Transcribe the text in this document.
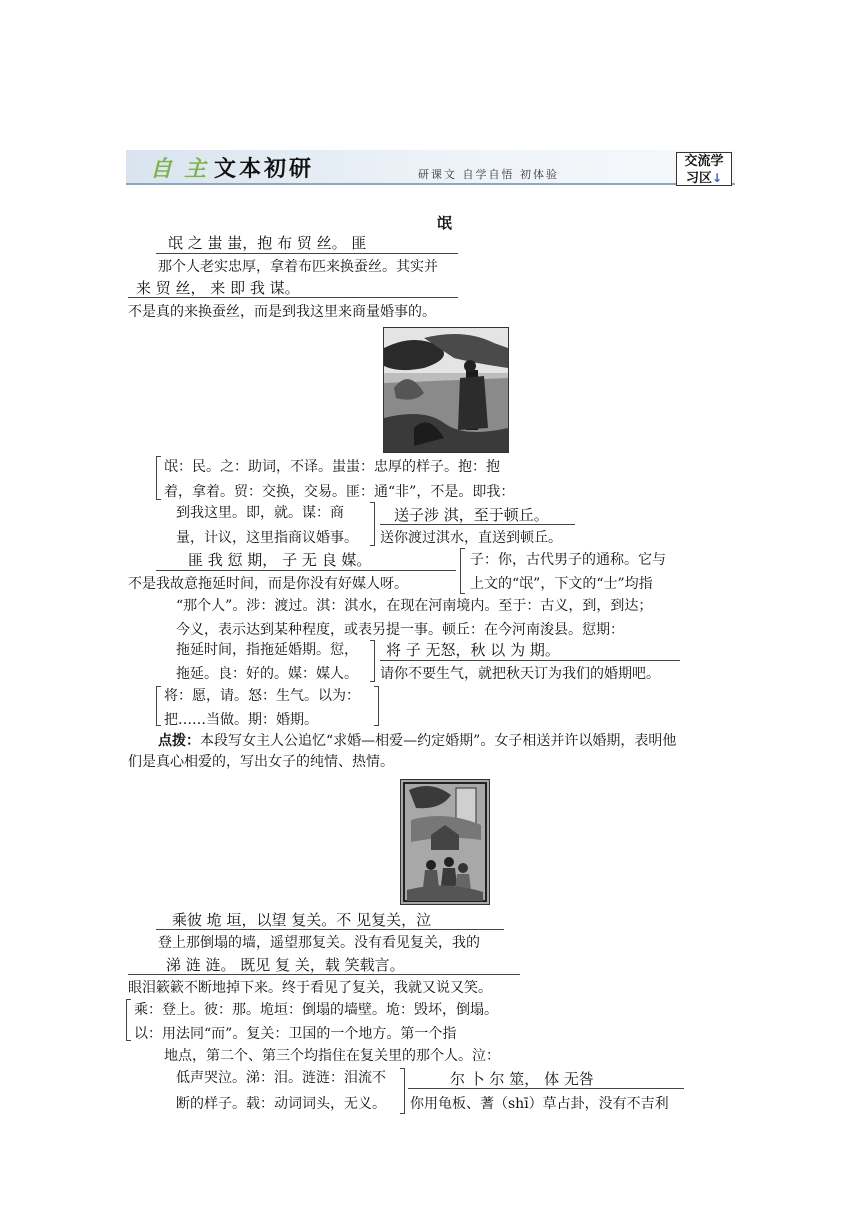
自 主 文本初研	研课文 自学自悟 初体验
交流学
习区↓
氓
氓 之 蚩 蚩，抱 布 贸 丝。 匪
那个人老实忠厚，拿着布匹来换蚕丝。其实并
来 贸 丝， 来 即 我 谋。
不是真的来换蚕丝，而是到我这里来商量婚事的。
氓：民。之：助词，不译。蚩蚩：忠厚的样子。抱：抱
着，拿着。贸：交换，交易。匪：通“非”，不是。即我：
到我这里。即，就。谋：商
量，计议，这里指商议婚事。
送子涉 淇，至于顿丘。
送你渡过淇水，直送到顿丘。
匪 我 愆 期， 子 无 良 媒。
不是我故意拖延时间，而是你没有好媒人呀。
子：你，古代男子的通称。它与
上文的“氓”，下文的“士”均指
“那个人”。涉：渡过。淇：淇水，在现在河南境内。至于：古义，到，到达；
今义，表示达到某种程度，或表另提一事。顿丘：在今河南浚县。愆期：
拖延时间，指拖延婚期。愆，
拖延。良：好的。媒：媒人。
将 子 无怒，秋 以 为 期。
请你不要生气，就把秋天订为我们的婚期吧。
将：愿，请。怒：生气。以为：
把……当做。期：婚期。
点拨：本段写女主人公追忆“求婚—相爱—约定婚期”。女子相送并许以婚期，表明他
们是真心相爱的，写出女子的纯情、热情。
乘彼 垝 垣，以望 复关。不 见复关，泣
登上那倒塌的墙，遥望那复关。没有看见复关，我的
涕 涟 涟。 既见 复 关，载 笑载言。
眼泪簌簌不断地掉下来。终于看见了复关，我就又说又笑。
乘：登上。彼：那。垝垣：倒塌的墙壁。垝：毁坏，倒塌。
以：用法同“而”。复关：卫国的一个地方。第一个指
地点，第二个、第三个均指住在复关里的那个人。泣：
低声哭泣。涕：泪。涟涟：泪流不
断的样子。载：动词词头，无义。
尔 卜 尔 筮， 体 无咎
你用龟板、蓍（shī）草占卦，没有不吉利
